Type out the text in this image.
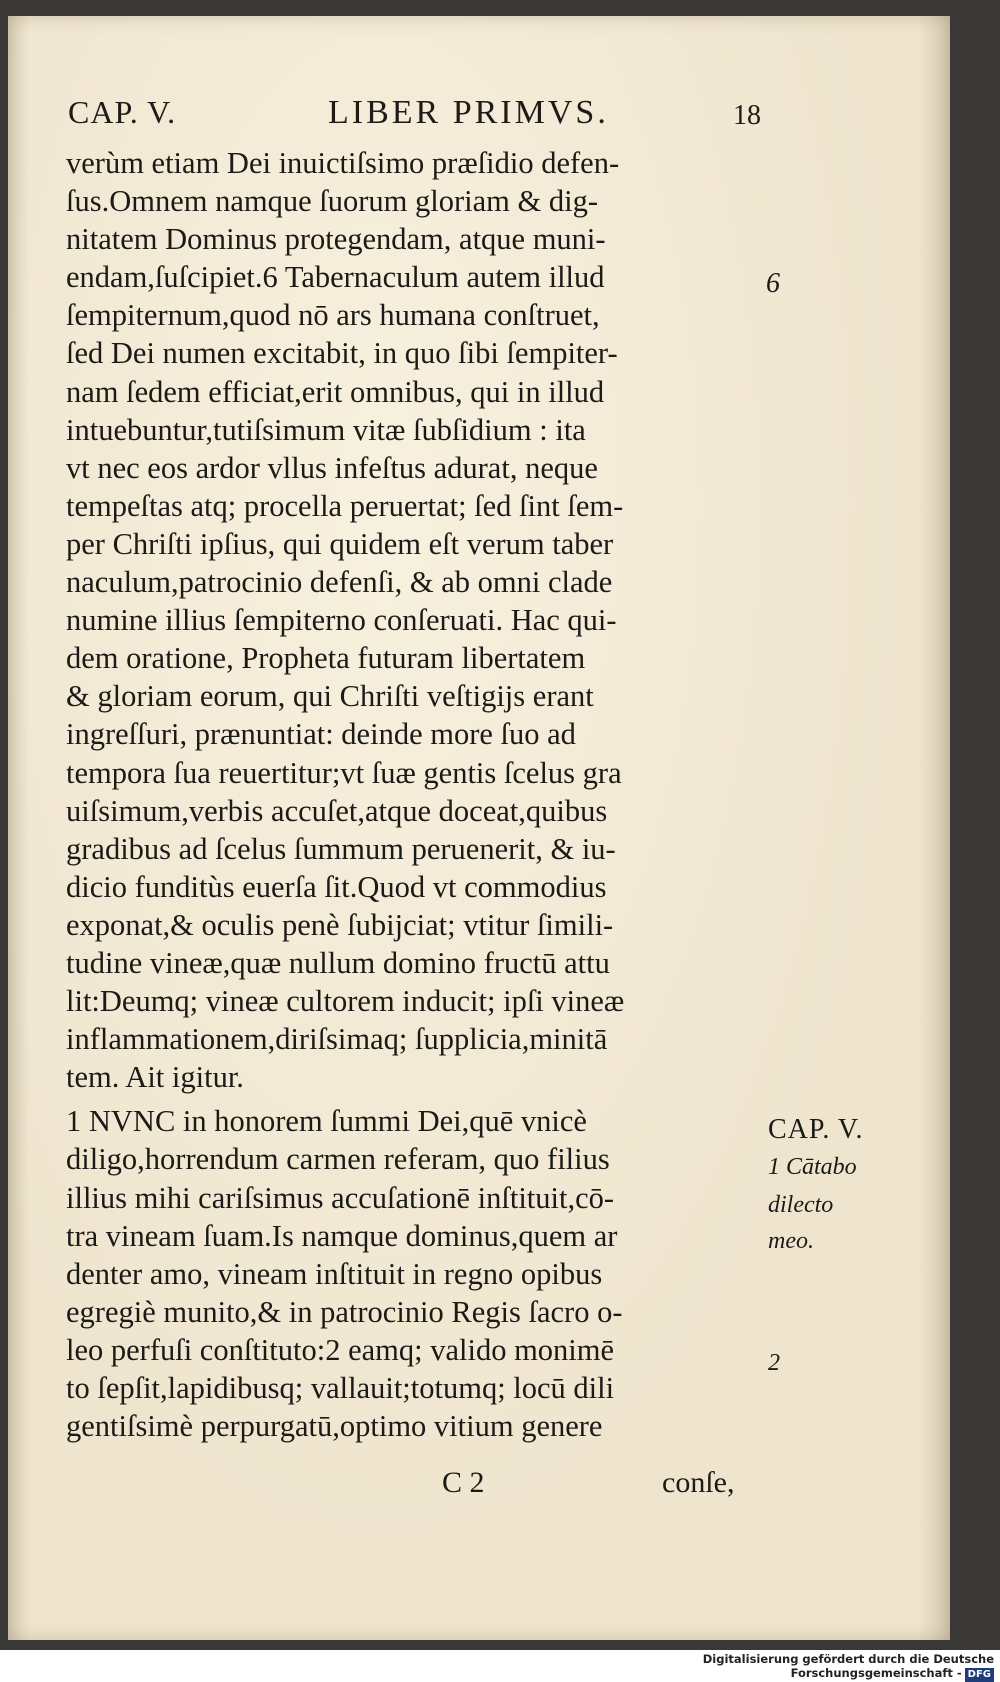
CAP. V.	LIBER PRIMVS.	18
verùm etiam Dei inuictiſsimo præſidio defen-
ſus.Omnem namque ſuorum gloriam & dig-
nitatem Dominus protegendam, atque muni-
endam,ſuſcipiet.6 Tabernaculum autem illud
ſempiternum,quod nō ars humana conſtruet,
ſed Dei numen excitabit, in quo ſibi ſempiter-
nam ſedem efficiat,erit omnibus, qui in illud
intuebuntur,tutiſsimum vitæ ſubſidium : ita
vt nec eos ardor vllus infeſtus adurat, neque
tempeſtas atq; procella peruertat; ſed ſint ſem-
per Chriſti ipſius, qui quidem eſt verum taber
naculum,patrocinio defenſi, & ab omni clade
numine illius ſempiterno conſeruati. Hac qui-
dem oratione, Propheta futuram libertatem
& gloriam eorum, qui Chriſti veſtigijs erant
ingreſſuri, prænuntiat: deinde more ſuo ad
tempora ſua reuertitur;vt ſuæ gentis ſcelus gra
uiſsimum,verbis accuſet,atque doceat,quibus
gradibus ad ſcelus ſummum peruenerit, & iu-
dicio funditùs euerſa ſit.Quod vt commodius
exponat,& oculis penè ſubijciat; vtitur ſimili-
tudine vineæ,quæ nullum domino fructū attu
lit:Deumq; vineæ cultorem inducit; ipſi vineæ
inflammationem,diriſsimaq; ſupplicia,minitā
tem. Ait igitur.
1 NVNC in honorem ſummi Dei,quē vnicè
diligo,horrendum carmen referam, quo filius
illius mihi cariſsimus accuſationē inſtituit,cō-
tra vineam ſuam.Is namque dominus,quem ar
denter amo, vineam inſtituit in regno opibus
egregiè munito,& in patrocinio Regis ſacro o-
leo perfuſi conſtituto:2 eamq; valido monimē
to ſepſit,lapidibusq; vallauit;totumq; locū dili
gentiſsimè perpurgatū,optimo vitium genere
6
CAP. V.
1 Cātabo
dilecto
meo.
2
C 2	conſe,
Digitalisierung gefördert durch die Deutsche Forschungsgemeinschaft - DFG
